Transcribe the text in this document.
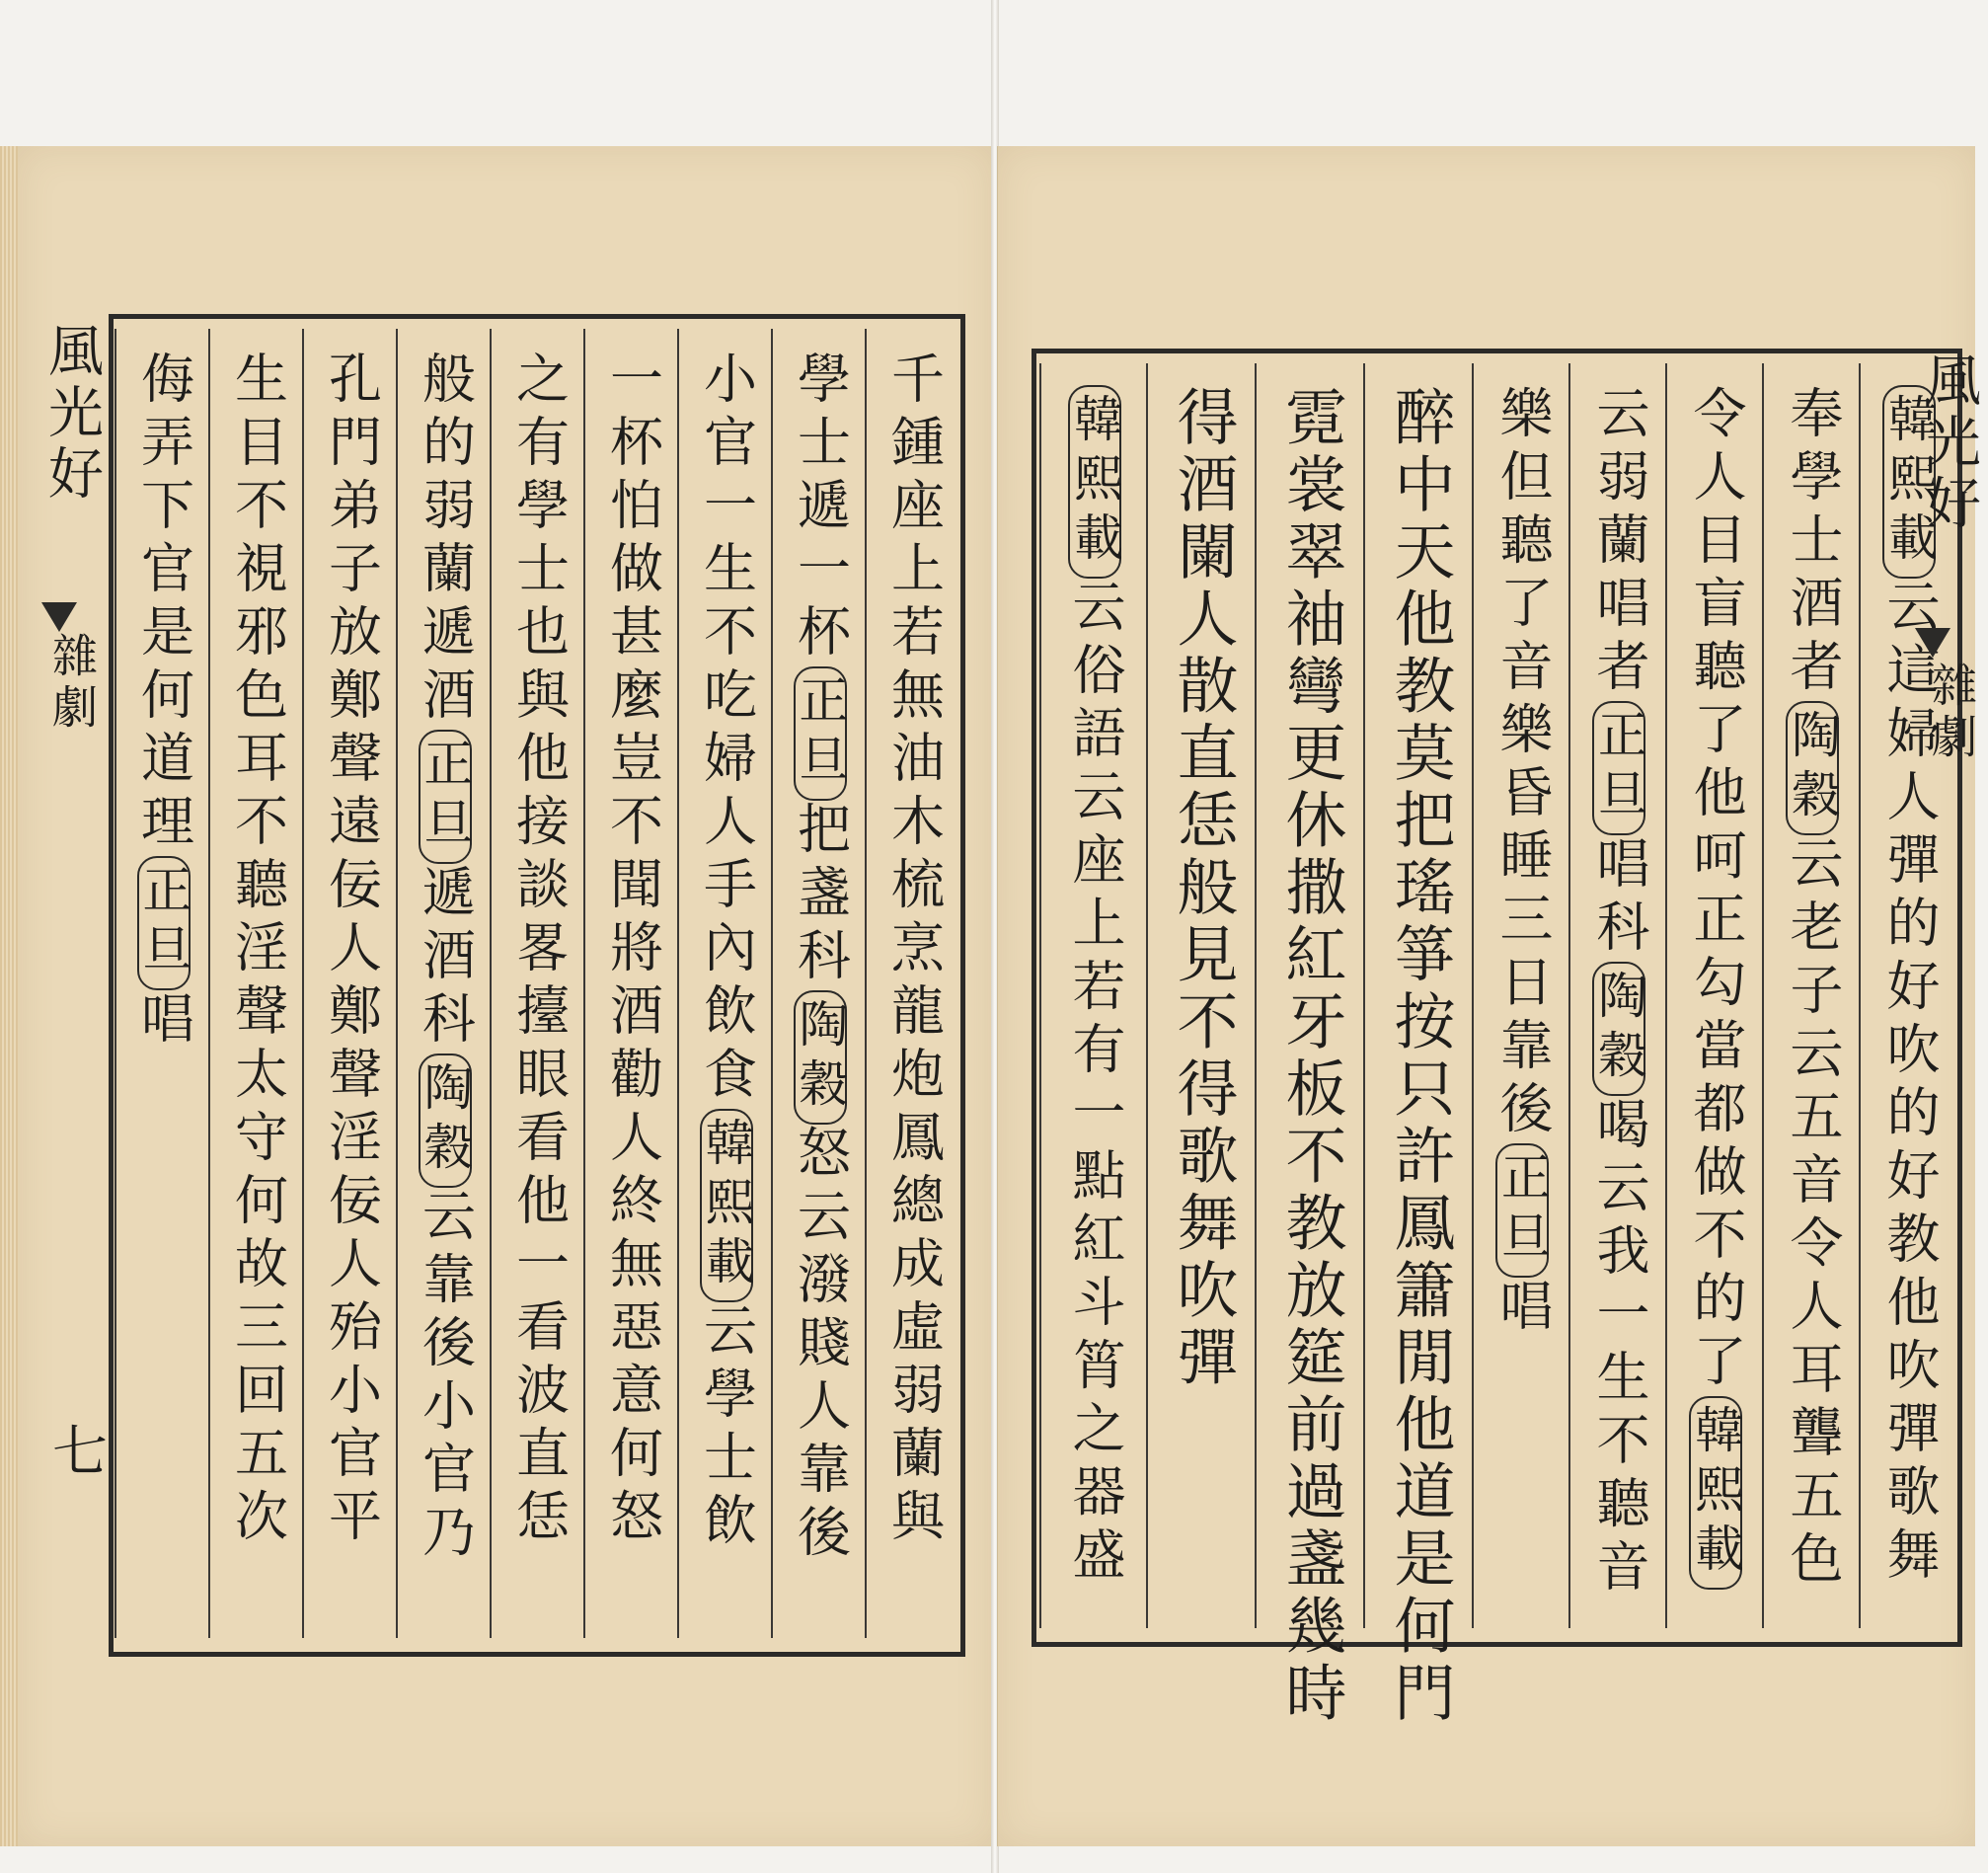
風光好
雜劇
七	千鍾座上若無油木梳烹龍炮鳳總成虛弱蘭與
學士遞一杯正旦把盞科陶穀怒云潑賤人靠後
小官一生不吃婦人手內飲食韓熙載云學士飲
一杯怕做甚麼豈不聞將酒勸人終無惡意何怒
之有學士也與他接談畧擡眼看他一看波直恁
般的弱蘭遞酒正旦遞酒科陶穀云靠後小官乃
孔門弟子放鄭聲遠佞人鄭聲淫佞人殆小官平
生目不視邪色耳不聽淫聲太守何故三回五次
侮弄下官是何道理正旦唱
韓熙載云這婦人彈的好吹的好教他吹彈歌舞
奉學士酒者陶穀云老子云五音令人耳聾五色
令人目盲聽了他呵正勾當都做不的了韓熙載
云弱蘭唱者正旦唱科陶穀喝云我一生不聽音
樂但聽了音樂昏睡三日靠後正旦唱
醉中天他教莫把瑤箏按只許鳳簫閒他道是何門
霓裳翠袖彎更休撒紅牙板不教放筵前過盞幾時
得酒闌人散直恁般見不得歌舞吹彈
韓熙載云俗語云座上若有一點紅斗筲之器盛
風光好
雜劇
